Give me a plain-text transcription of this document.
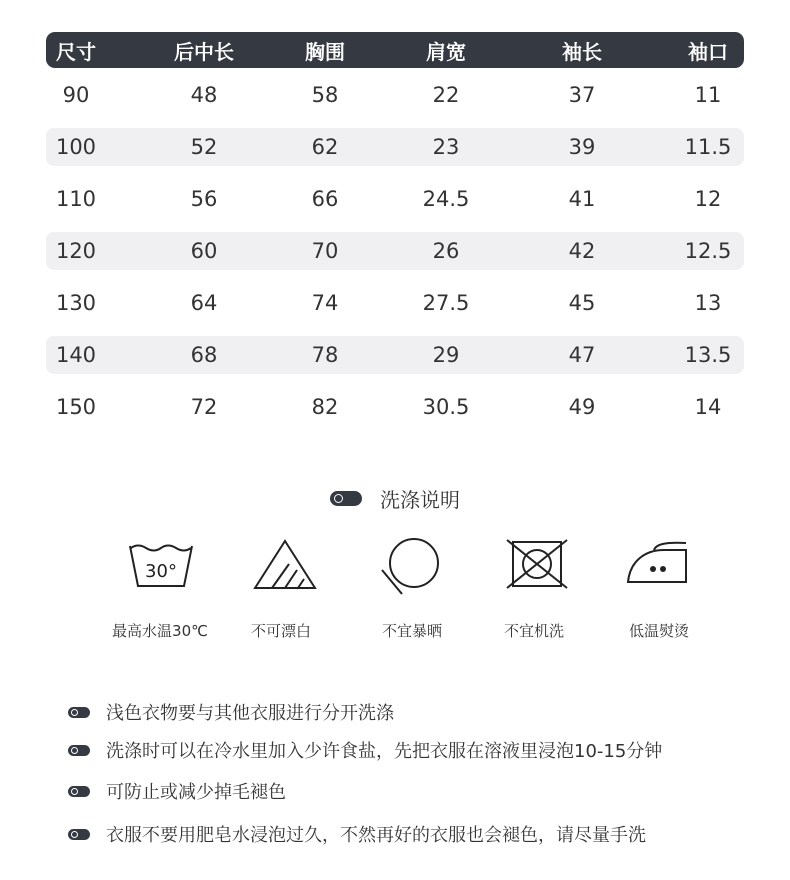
尺寸	后中长	胸围	肩宽	袖长	袖口
90	48	58	22	37	11
100	52	62	23	39	11.5
110	56	66	24.5	41	12
120	60	70	26	42	12.5
130	64	74	27.5	45	13
140	68	78	29	47	13.5
150	72	82	30.5	49	14
洗涤说明
30°
最高水温30℃	不可漂白	不宜暴晒	不宜机洗	低温熨烫
浅色衣物要与其他衣服进行分开洗涤
洗涤时可以在冷水里加入少许食盐，先把衣服在溶液里浸泡10-15分钟
可防止或减少掉毛褪色
衣服不要用肥皂水浸泡过久，不然再好的衣服也会褪色，请尽量手洗
